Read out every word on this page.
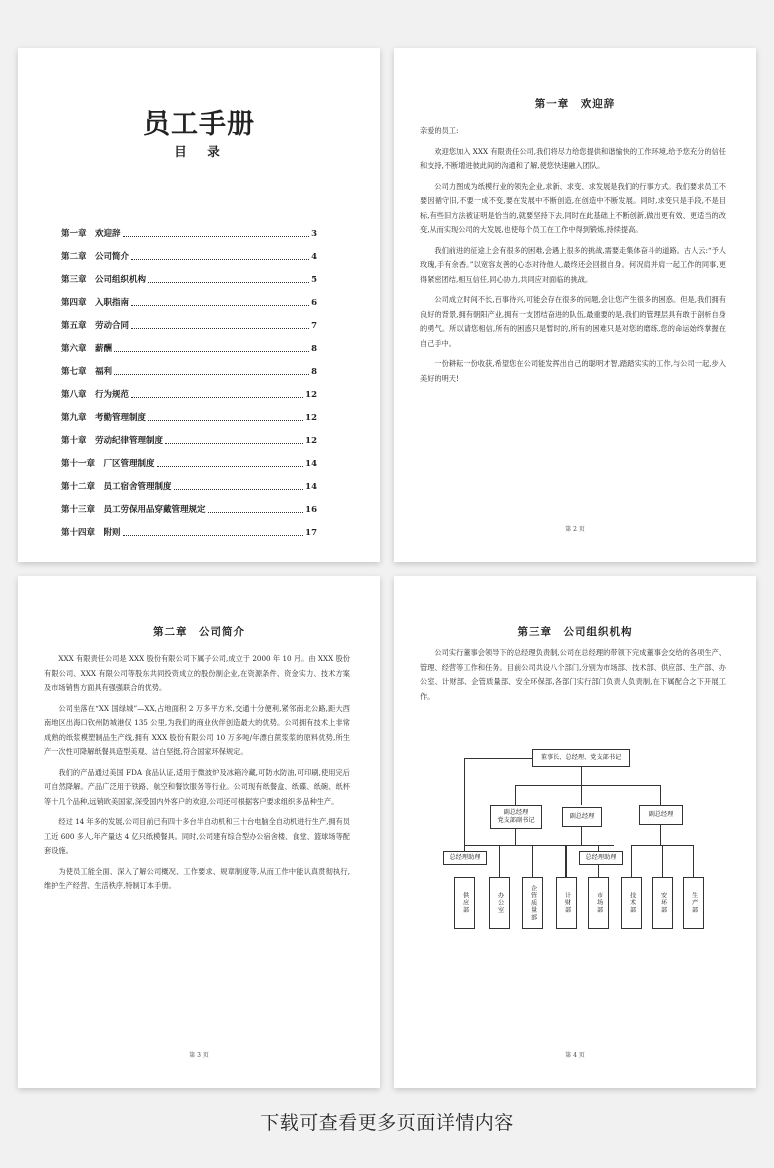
员工手册
目　录
第一章　欢迎辞	3
第二章　公司简介	4
第三章　公司组织机构	5
第四章　入职指南	6
第五章　劳动合同	7
第六章　薪酬	8
第七章　福利	8
第八章　行为规范	12
第九章　考勤管理制度	12
第十章　劳动纪律管理制度	12
第十一章　厂区管理制度	14
第十二章　员工宿舍管理制度	14
第十三章　员工劳保用品穿戴管理规定	16
第十四章　附则	17
第一章　欢迎辞

亲爱的员工:

欢迎您加入 XXX 有限责任公司,我们将尽力给您提供和谐愉快的工作环境,给予您充分的信任和支持,不断增进彼此间的沟通和了解,使您快速融入团队。

公司力图成为纸模行业的领先企业,求新、求变、求发展是我们的行事方式。我们要求员工不要因循守旧,不要一成不变,要在发展中不断创造,在创造中不断发展。同时,求变只是手段,不是目标,有些旧方法被证明是恰当的,就要坚持下去,同时在此基础上不断创新,做出更有效、更适当的改变,从而实现公司的大发展,也使每个员工在工作中得到锻炼,持续提高。

我们前进的征途上会有很多的困难,会遇上很多的挑战,需要走集体奋斗的道路。古人云:“予人玫瑰,手有余香。”以宽容友善的心态对待他人,最终还会回报自身。何况肩并肩一起工作的同事,更得紧密团结,相互信任,同心协力,共同应对面临的挑战。

公司成立时间不长,百事待兴,可能会存在很多的问题,会让您产生很多的困惑。但是,我们拥有良好的背景,拥有朝阳产业,拥有一支团结奋进的队伍,最重要的是,我们的管理层具有敢于剖析自身的勇气。所以请您相信,所有的困惑只是暂时的,所有的困难只是对您的磨练,您的命运始终掌握在自己手中。

一份耕耘一份收获,希望您在公司能发挥出自己的聪明才智,踏踏实实的工作,与公司一起,步入美好的明天!

第 2 页
第二章　公司简介

XXX 有限责任公司是 XXX 股份有限公司下属子公司,成立于 2000 年 10 月。由 XXX 股份有限公司、XXX 有限公司等股东共同投资成立的股份制企业,在资源条件、资金实力、技术方案及市场销售方面具有强强联合的优势。

公司坐落在“XX 国绿城”—XX,占地面积 2 万多平方米,交通十分便利,紧邻南北公路,距大西南地区出海口钦州防城港仅 135 公里,为我们的商业伙伴创造最大的优势。公司拥有技术上非常成熟的纸浆模塑制品生产线,拥有 XXX 股份有限公司 10 万多吨/年漂白蔗浆浆的原料优势,所生产一次性可降解纸餐具造型美观、洁白坚挺,符合国家环保规定。

我们的产品通过美国 FDA 食品认证,适用于微波炉及冰箱冷藏,可防水防油,可印刷,使用完后可自然降解。产品广泛用于铁路、航空和餐饮服务等行业。公司现有纸餐盒、纸碟、纸碗、纸杯等十几个品种,远销欧美国家,深受国内外客户的欢迎,公司还可根据客户要求组织多品种生产。

经过 14 年多的发展,公司目前已有四十多台半自动机和三十台电脑全自动机进行生产,拥有员工近 600 多人,年产量达 4 亿只纸模餐具。同时,公司建有综合型办公宿舍楼、食堂、篮球场等配套设施。

为使员工能全面、深入了解公司概况、工作要求、规章制度等,从而工作中能认真贯彻执行,维护生产经营、生活秩序,特制订本手册。

第 3 页
第三章　公司组织机构

公司实行董事会领导下的总经理负责制,公司在总经理的带领下完成董事会交给的各项生产、管理、经营等工作和任务。目前公司共设八个部门,分别为市场部、技术部、供应部、生产部、办公室、计财部、企管质量部、安全环保部,各部门实行部门负责人负责制,在下属配合之下开展工作。

董事长、总经理、党支部书记
副总经理
党支部副书记
副总经理	副总经理
总经理助理	总经理助理
供应部	办公室	企管质量部	计财部	市场部	技术部	安环部	生产部
第 4 页
下载可查看更多页面详情内容
